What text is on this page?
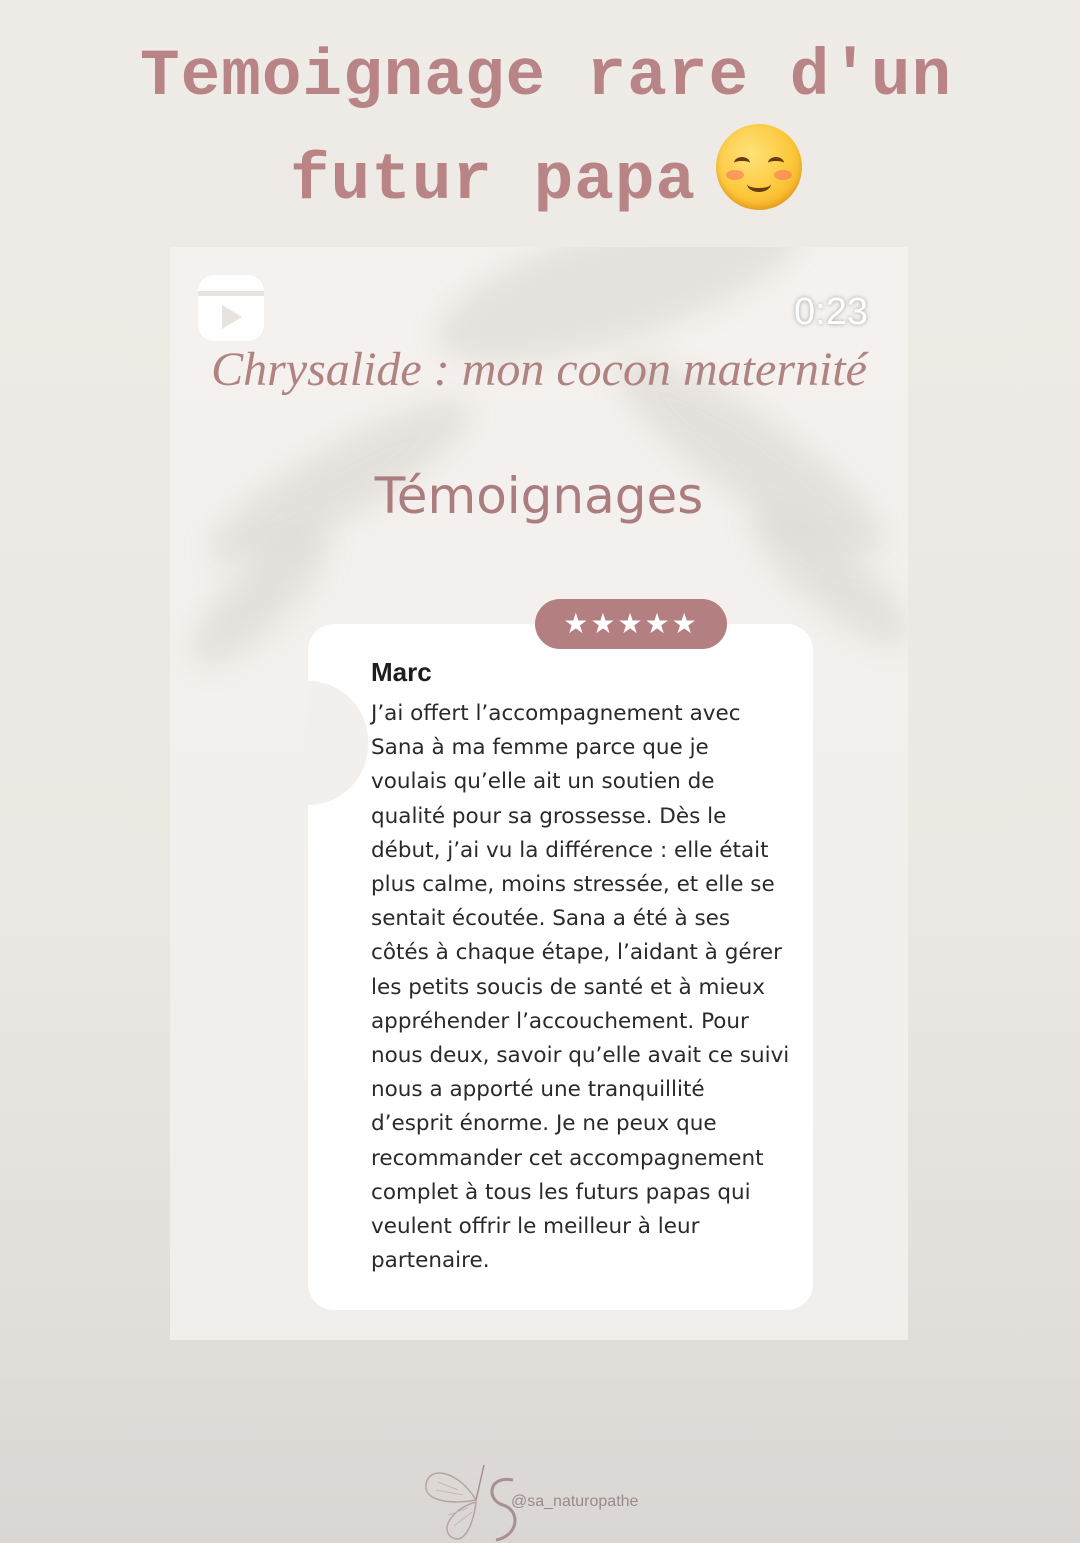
Temoignage rare d'un
futur papa
0:23
Chrysalide : mon cocon maternité
Témoignages
★★★★★
Marc

J’ai offert l’accompagnement avec
Sana à ma femme parce que je
voulais qu’elle ait un soutien de
qualité pour sa grossesse. Dès le
début, j’ai vu la différence : elle était
plus calme, moins stressée, et elle se
sentait écoutée. Sana a été à ses
côtés à chaque étape, l’aidant à gérer
les petits soucis de santé et à mieux
appréhender l’accouchement. Pour
nous deux, savoir qu’elle avait ce suivi
nous a apporté une tranquillité
d’esprit énorme. Je ne peux que
recommander cet accompagnement
complet à tous les futurs papas qui
veulent offrir le meilleur à leur
partenaire.

@sa_naturopathe
